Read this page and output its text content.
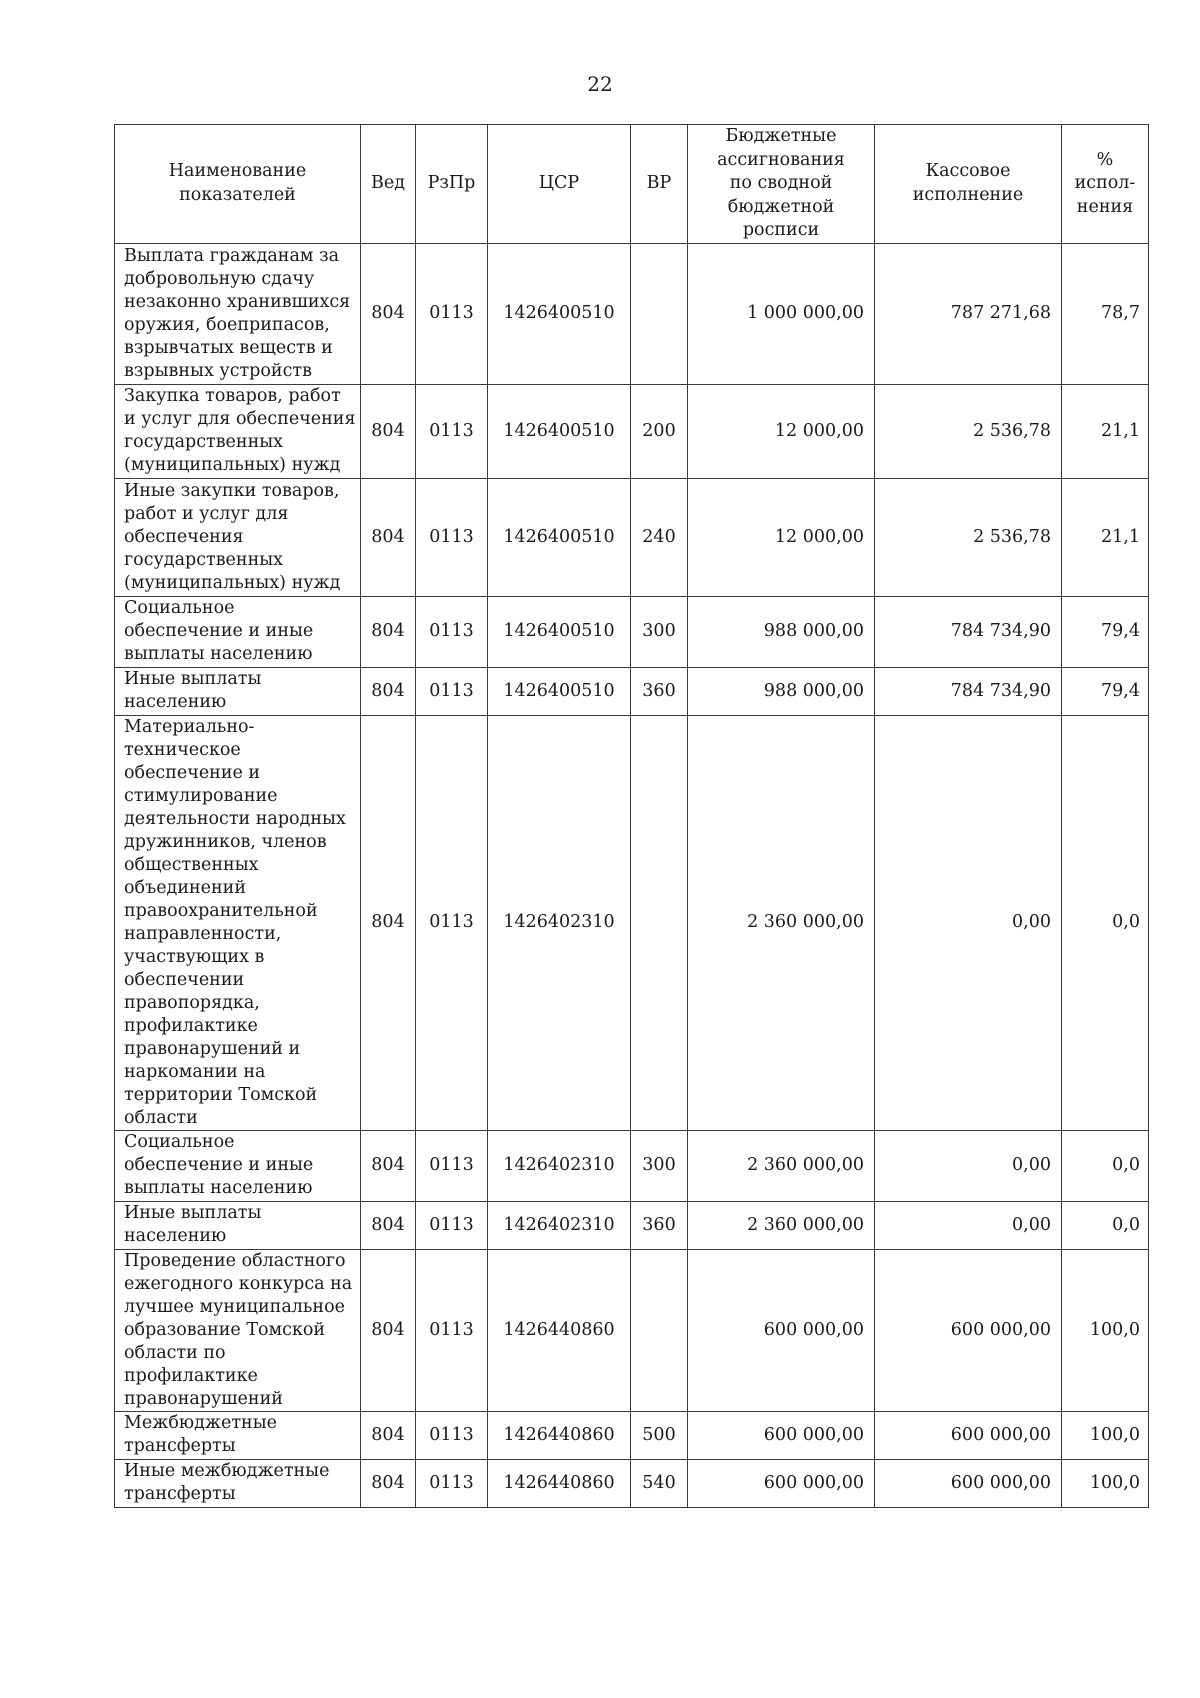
22
Наименование показателей	Вед	РзПр	ЦСР	ВР	Бюджетные ассигнования по сводной бюджетной росписи	Кассовое исполнение	% испол-нения
Выплата гражданам за добровольную сдачу незаконно хранившихся оружия, боеприпасов, взрывчатых веществ и взрывных устройств	804	0113	1426400510		1 000 000,00	787 271,68	78,7
Закупка товаров, работ и услуг для обеспечения государственных (муниципальных) нужд	804	0113	1426400510	200	12 000,00	2 536,78	21,1
Иные закупки товаров, работ и услуг для обеспечения государственных (муниципальных) нужд	804	0113	1426400510	240	12 000,00	2 536,78	21,1
Социальное обеспечение и иные выплаты населению	804	0113	1426400510	300	988 000,00	784 734,90	79,4
Иные выплаты населению	804	0113	1426400510	360	988 000,00	784 734,90	79,4
Материально-техническое обеспечение и стимулирование деятельности народных дружинников, членов общественных объединений правоохранительной направленности, участвующих в обеспечении правопорядка, профилактике правонарушений и наркомании на территории Томской области	804	0113	1426402310		2 360 000,00	0,00	0,0
Социальное обеспечение и иные выплаты населению	804	0113	1426402310	300	2 360 000,00	0,00	0,0
Иные выплаты населению	804	0113	1426402310	360	2 360 000,00	0,00	0,0
Проведение областного ежегодного конкурса на лучшее муниципальное образование Томской области по профилактике правонарушений	804	0113	1426440860		600 000,00	600 000,00	100,0
Межбюджетные трансферты	804	0113	1426440860	500	600 000,00	600 000,00	100,0
Иные межбюджетные трансферты	804	0113	1426440860	540	600 000,00	600 000,00	100,0
